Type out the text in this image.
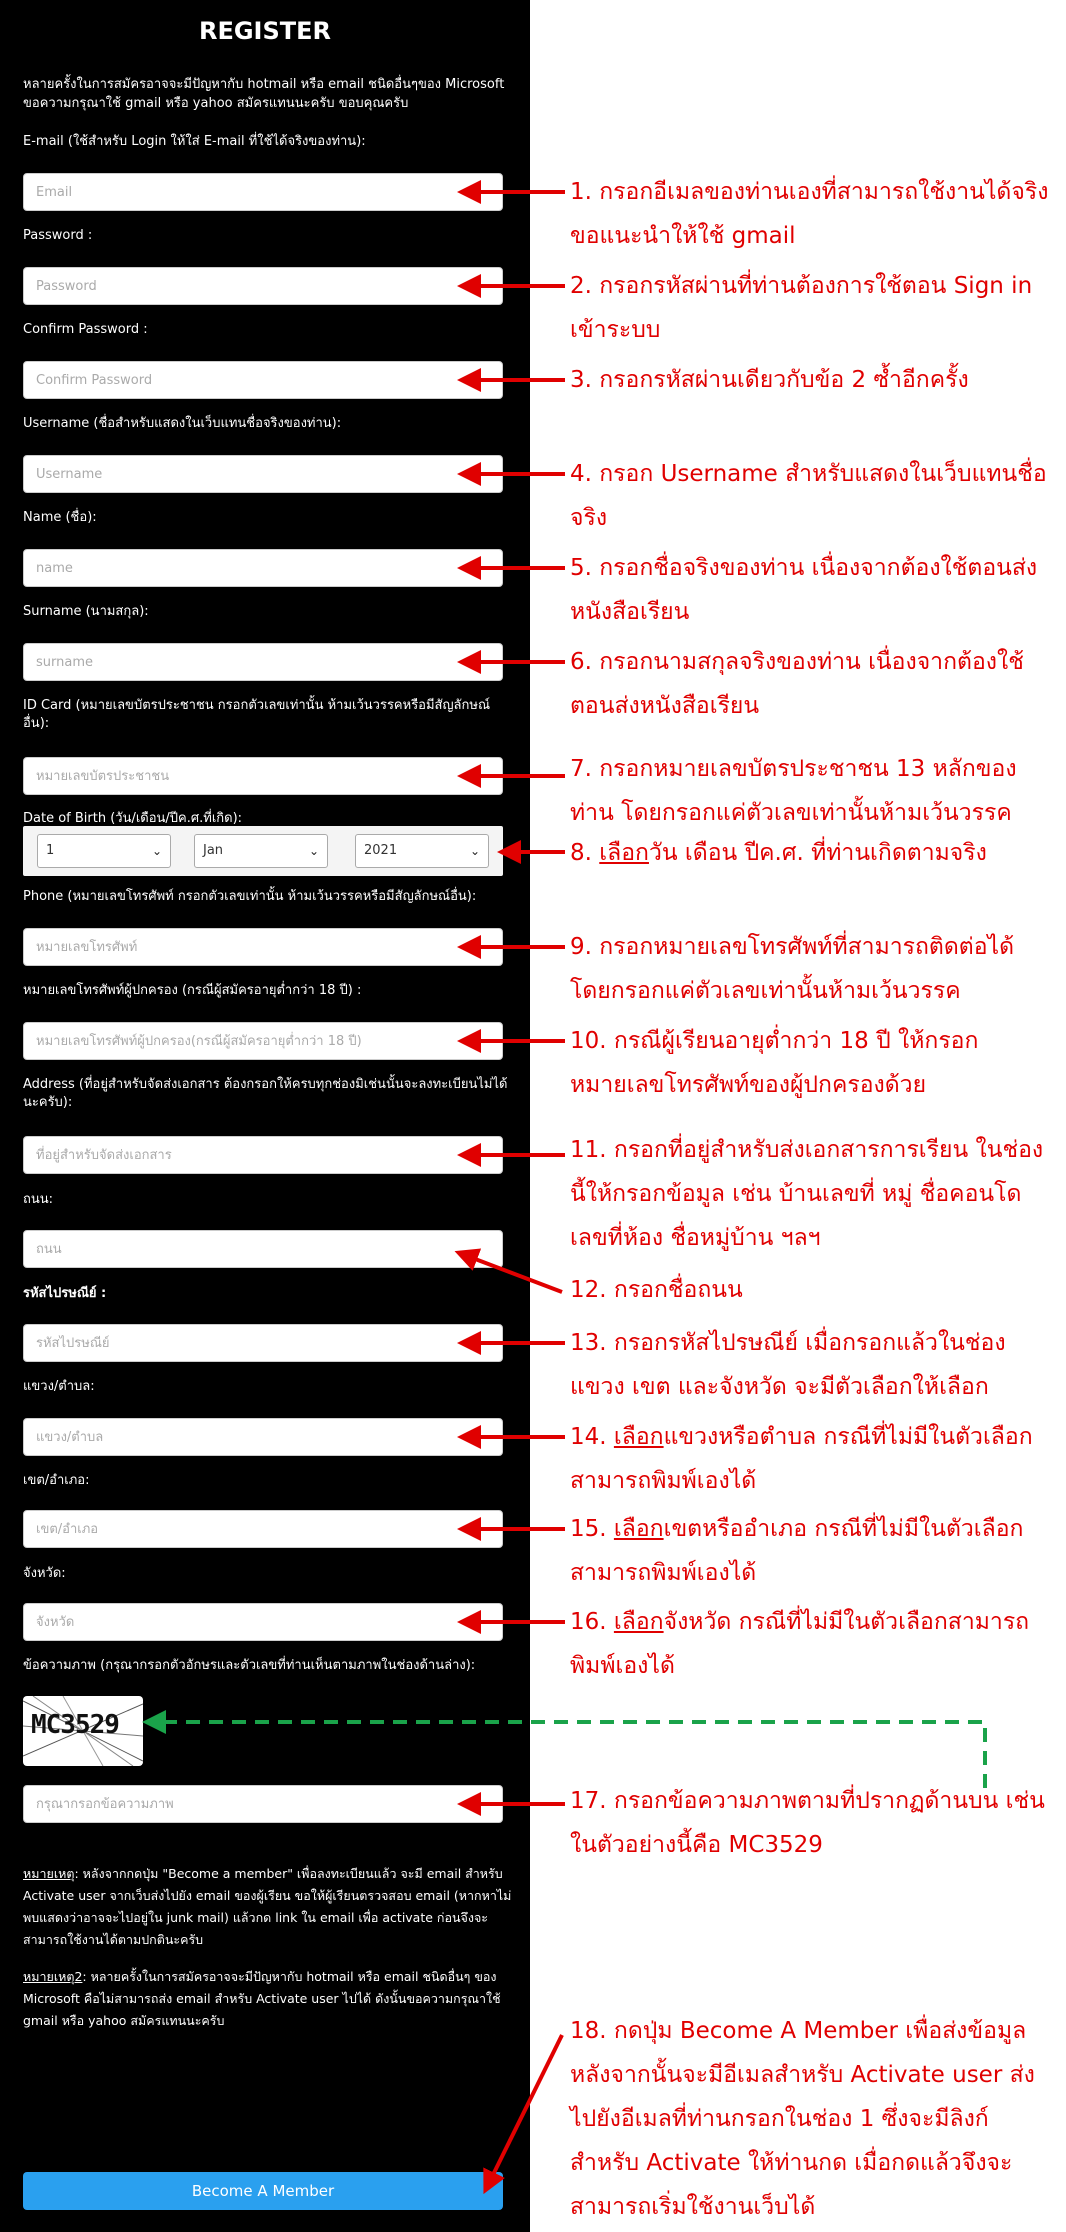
REGISTER
หลายครั้งในการสมัครอาจจะมีปัญหากับ hotmail หรือ email ชนิดอื่นๆของ Microsoft ขอความกรุณาใช้ gmail หรือ yahoo สมัครแทนนะครับ ขอบคุณครับ
E-mail (ใช้สำหรับ Login ให้ใส่ E-mail ที่ใช้ได้จริงของท่าน):
Email
Password :
Confirm Password :
Username (ชื่อสำหรับแสดงในเว็บแทนชื่อจริงของท่าน):
Username
Name (ชื่อ):
name
Surname (นามสกุล):
surname
ID Card (หมายเลขบัตรประชาชน กรอกตัวเลขเท่านั้น ห้ามเว้นวรรคหรือมีสัญลักษณ์อื่น):
หมายเลขบัตรประชาชน
Date of Birth (วัน/เดือน/ปีค.ศ.ที่เกิด):
1	⌄	Jan	⌄	2021	⌄
Phone (หมายเลขโทรศัพท์ กรอกตัวเลขเท่านั้น ห้ามเว้นวรรคหรือมีสัญลักษณ์อื่น):
หมายเลขโทรศัพท์
หมายเลขโทรศัพท์ผู้ปกครอง (กรณีผู้สมัครอายุต่ำกว่า 18 ปี) :
หมายเลขโทรศัพท์ผู้ปกครอง(กรณีผู้สมัครอายุต่ำกว่า 18 ปี)
Address (ที่อยู่สำหรับจัดส่งเอกสาร ต้องกรอกให้ครบทุกช่องมิเช่นนั้นจะลงทะเบียนไม่ได้นะครับ):
ที่อยู่สำหรับจัดส่งเอกสาร
ถนน:
ถนน
รหัสไปรษณีย์ :
รหัสไปรษณีย์
แขวง/ตำบล:
แขวง/ตำบล
เขต/อำเภอ:
เขต/อำเภอ
จังหวัด:
จังหวัด
ข้อความภาพ (กรุณากรอกตัวอักษรและตัวเลขที่ท่านเห็นตามภาพในช่องด้านล่าง):
MC3529
กรุณากรอกข้อความภาพ
หมายเหตุ: หลังจากกดปุ่ม "Become a member" เพื่อลงทะเบียนแล้ว จะมี email สำหรับ Activate user จากเว็บส่งไปยัง email ของผู้เรียน ขอให้ผู้เรียนตรวจสอบ email (หากหาไม่พบแสดงว่าอาจจะไปอยู่ใน junk mail) แล้วกด link ใน email เพื่อ activate ก่อนจึงจะสามารถใช้งานได้ตามปกตินะครับ
หมายเหตุ2: หลายครั้งในการสมัครอาจจะมีปัญหากับ hotmail หรือ email ชนิดอื่นๆ ของ Microsoft คือไม่สามารถส่ง email สำหรับ Activate user ไปได้ ดังนั้นขอความกรุณาใช้ gmail หรือ yahoo สมัครแทนนะครับ
Become A Member
1. กรอกอีเมลของท่านเองที่สามารถใช้งานได้จริง ขอแนะนำให้ใช้ gmail
2. กรอกรหัสผ่านที่ท่านต้องการใช้ตอน Sign in เข้าระบบ
3. กรอกรหัสผ่านเดียวกับข้อ 2 ซ้ำอีกครั้ง
4. กรอก Username สำหรับแสดงในเว็บแทนชื่อจริง
5. กรอกชื่อจริงของท่าน เนื่องจากต้องใช้ตอนส่งหนังสือเรียน
6. กรอกนามสกุลจริงของท่าน เนื่องจากต้องใช้ตอนส่งหนังสือเรียน
7. กรอกหมายเลขบัตรประชาชน 13 หลักของท่าน โดยกรอกแค่ตัวเลขเท่านั้นห้ามเว้นวรรค
8. เลือกวัน เดือน ปีค.ศ. ที่ท่านเกิดตามจริง
9. กรอกหมายเลขโทรศัพท์ที่สามารถติดต่อได้ โดยกรอกแค่ตัวเลขเท่านั้นห้ามเว้นวรรค
10. กรณีผู้เรียนอายุต่ำกว่า 18 ปี ให้กรอกหมายเลขโทรศัพท์ของผู้ปกครองด้วย
11. กรอกที่อยู่สำหรับส่งเอกสารการเรียน ในช่องนี้ให้กรอกข้อมูล เช่น บ้านเลขที่ หมู่ ชื่อคอนโด เลขที่ห้อง ชื่อหมู่บ้าน ฯลฯ
12. กรอกชื่อถนน
13. กรอกรหัสไปรษณีย์ เมื่อกรอกแล้วในช่อง แขวง เขต และจังหวัด จะมีตัวเลือกให้เลือก
14. เลือกแขวงหรือตำบล กรณีที่ไม่มีในตัวเลือกสามารถพิมพ์เองได้
15. เลือกเขตหรืออำเภอ กรณีที่ไม่มีในตัวเลือกสามารถพิมพ์เองได้
16. เลือกจังหวัด กรณีที่ไม่มีในตัวเลือกสามารถพิมพ์เองได้
17. กรอกข้อความภาพตามที่ปรากฏด้านบน เช่น ในตัวอย่างนี้คือ MC3529
18. กดปุ่ม Become A Member เพื่อส่งข้อมูล หลังจากนั้นจะมีอีเมลสำหรับ Activate user ส่งไปยังอีเมลที่ท่านกรอกในช่อง 1 ซึ่งจะมีลิงก์สำหรับ Activate ให้ท่านกด เมื่อกดแล้วจึงจะสามารถเริ่มใช้งานเว็บได้
